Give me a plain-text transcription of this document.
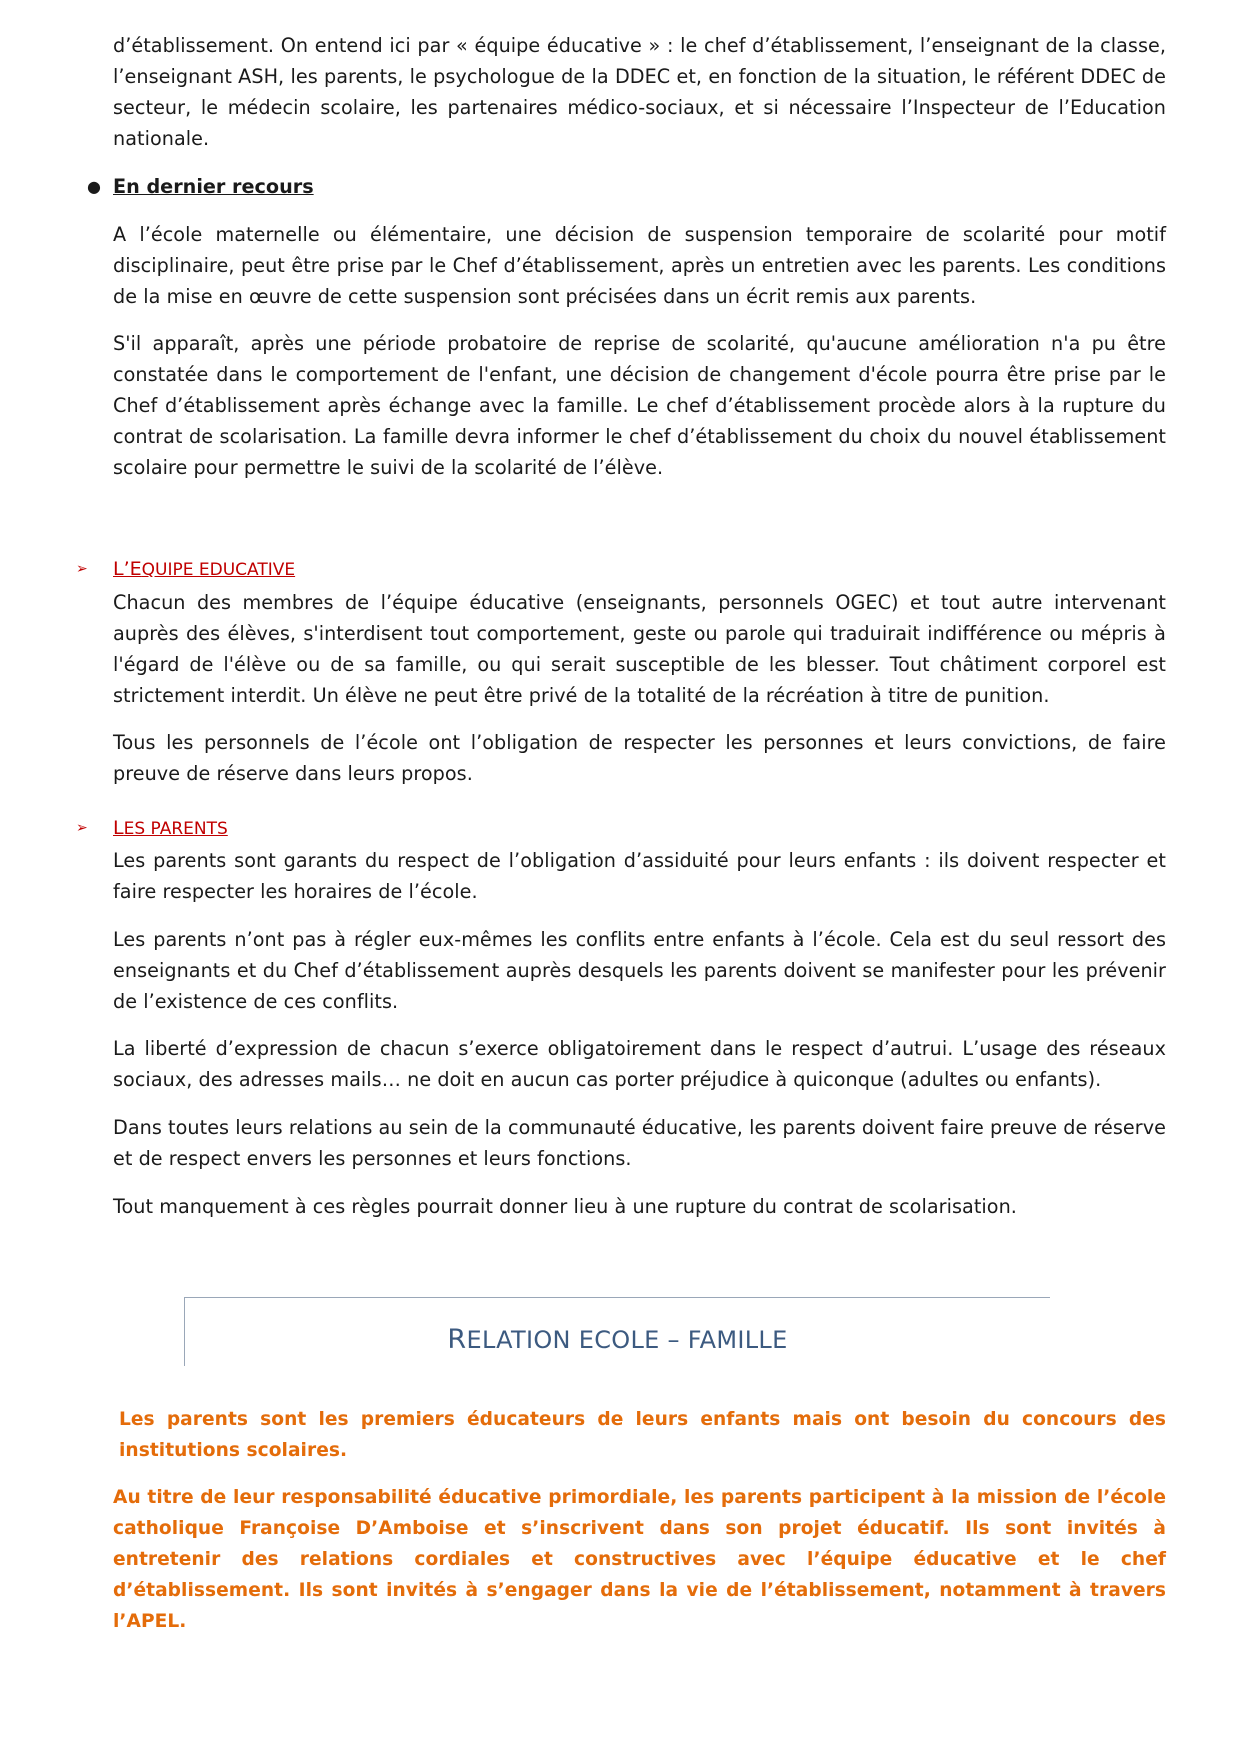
d’établissement. On entend ici par « équipe éducative » : le chef d’établissement, l’enseignant de la classe, l’enseignant ASH, les parents, le psychologue de la DDEC et, en fonction de la situation, le référent DDEC de secteur, le médecin scolaire, les partenaires médico-sociaux, et si nécessaire l’Inspecteur de l’Education nationale.

● En dernier recours

A l’école maternelle ou élémentaire, une décision de suspension temporaire de scolarité pour motif disciplinaire, peut être prise par le Chef d’établissement, après un entretien avec les parents. Les conditions de la mise en œuvre de cette suspension sont précisées dans un écrit remis aux parents.

S'il apparaît, après une période probatoire de reprise de scolarité, qu'aucune amélioration n'a pu être constatée dans le comportement de l'enfant, une décision de changement d'école pourra être prise par le Chef d’établissement après échange avec la famille. Le chef d’établissement procède alors à la rupture du contrat de scolarisation. La famille devra informer le chef d’établissement du choix du nouvel établissement scolaire pour permettre le suivi de la scolarité de l’élève.

➢ L’EQUIPE EDUCATIVE

Chacun des membres de l’équipe éducative (enseignants, personnels OGEC) et tout autre intervenant auprès des élèves, s'interdisent tout comportement, geste ou parole qui traduirait indifférence ou mépris à l'égard de l'élève ou de sa famille, ou qui serait susceptible de les blesser. Tout châtiment corporel est strictement interdit. Un élève ne peut être privé de la totalité de la récréation à titre de punition.

Tous les personnels de l’école ont l’obligation de respecter les personnes et leurs convictions, de faire preuve de réserve dans leurs propos.

➢ LES PARENTS

Les parents sont garants du respect de l’obligation d’assiduité pour leurs enfants : ils doivent respecter et faire respecter les horaires de l’école.

Les parents n’ont pas à régler eux-mêmes les conflits entre enfants à l’école. Cela est du seul ressort des enseignants et du Chef d’établissement auprès desquels les parents doivent se manifester pour les prévenir de l’existence de ces conflits.

La liberté d’expression de chacun s’exerce obligatoirement dans le respect d’autrui. L’usage des réseaux sociaux, des adresses mails… ne doit en aucun cas porter préjudice à quiconque (adultes ou enfants).

Dans toutes leurs relations au sein de la communauté éducative, les parents doivent faire preuve de réserve et de respect envers les personnes et leurs fonctions.

Tout manquement à ces règles pourrait donner lieu à une rupture du contrat de scolarisation.

RELATION ECOLE – FAMILLE

Les parents sont les premiers éducateurs de leurs enfants mais ont besoin du concours des institutions scolaires.

Au titre de leur responsabilité éducative primordiale, les parents participent à la mission de l’école catholique Françoise D’Amboise et s’inscrivent dans son projet éducatif. Ils sont invités à entretenir des relations cordiales et constructives avec l’équipe éducative et le chef d’établissement. Ils sont invités à s’engager dans la vie de l’établissement, notamment à travers l’APEL.
